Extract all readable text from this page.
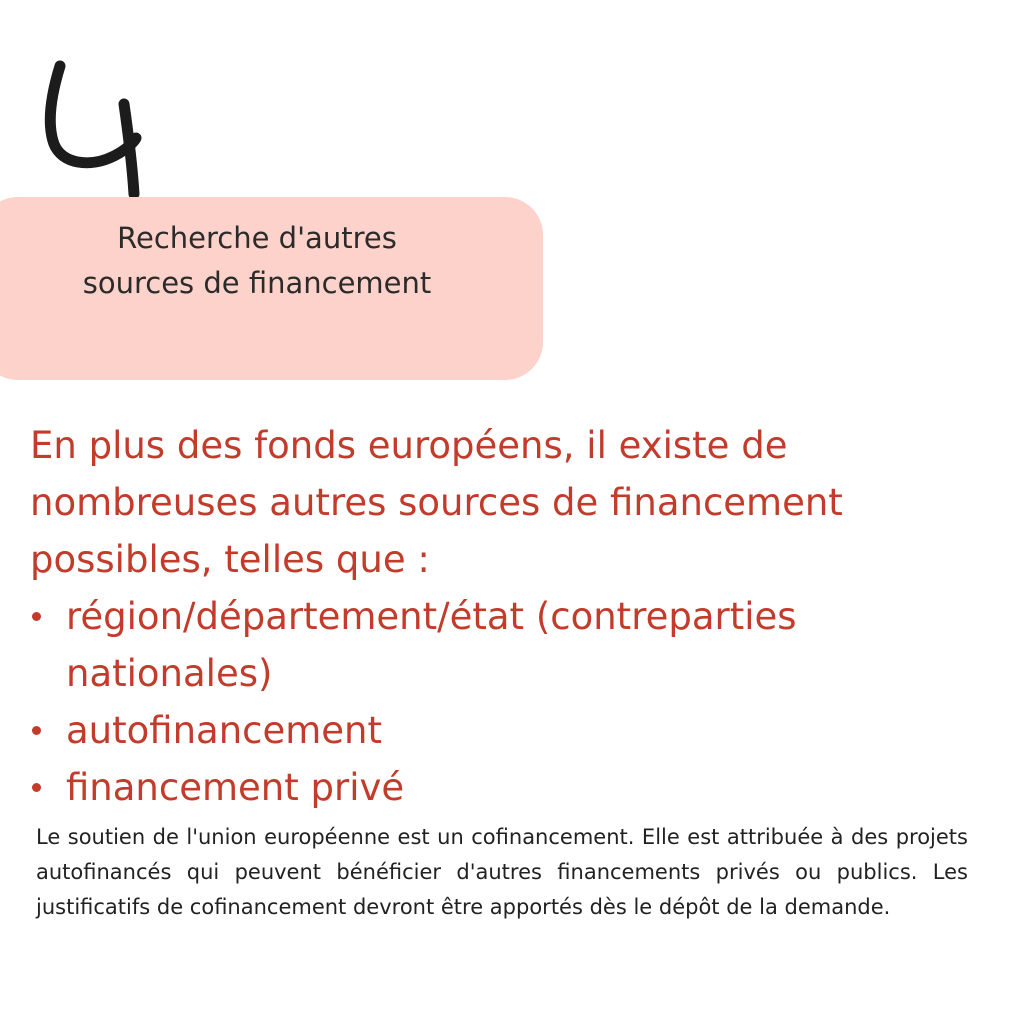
Recherche d'autres
sources de financement

En plus des fonds européens, il existe de nombreuses autres sources de financement possibles, telles que :

région/département/état (contreparties nationales)
autofinancement
financement privé

Le soutien de l'union européenne est un cofinancement. Elle est attribuée à des projets autofinancés qui peuvent bénéficier d'autres financements privés ou publics. Les justificatifs de cofinancement devront être apportés dès le dépôt de la demande.
